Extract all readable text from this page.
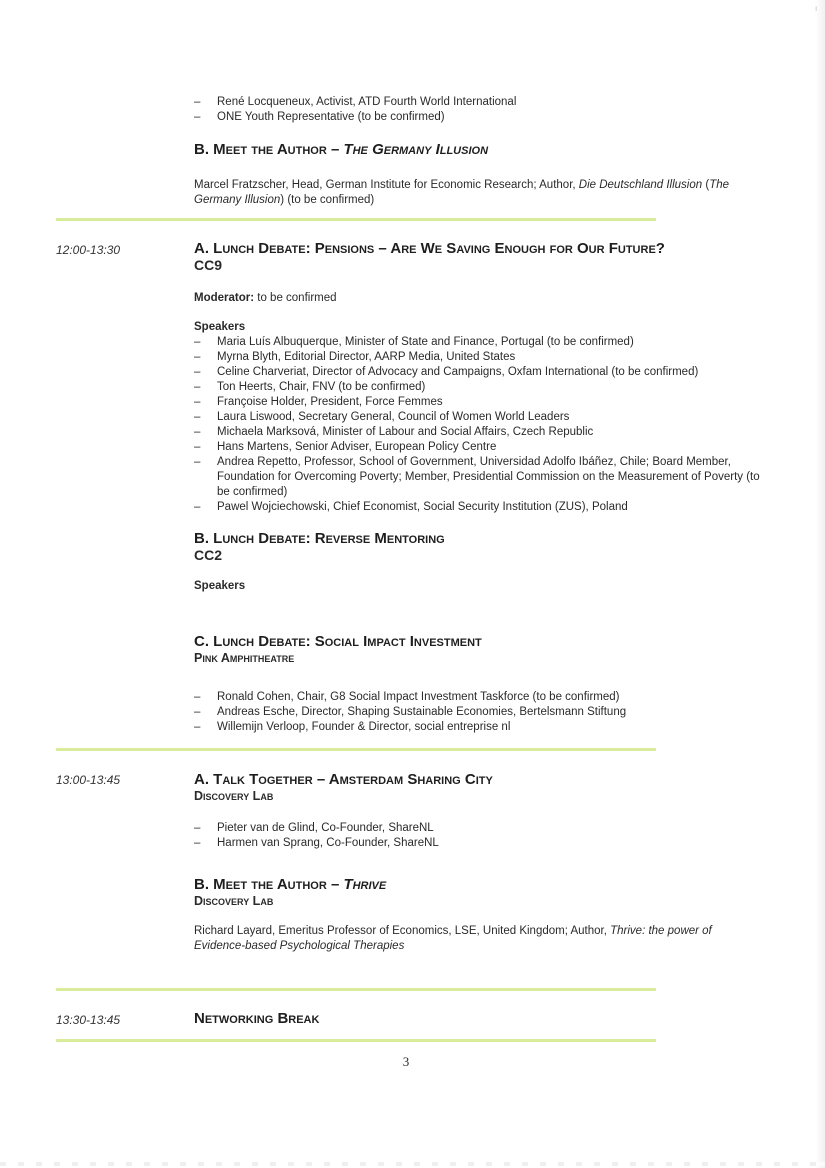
ı
– René Locqueneux, Activist, ATD Fourth World International
– ONE Youth Representative (to be confirmed)

B. Meet the Author – The Germany Illusion

Marcel Fratzscher, Head, German Institute for Economic Research; Author, Die Deutschland Illusion (The Germany Illusion) (to be confirmed)
12:00-13:30	A. Lunch Debate: Pensions – Are We Saving Enough for Our Future?

CC9

Moderator: to be confirmed
Speakers
– Maria Luís Albuquerque, Minister of State and Finance, Portugal (to be confirmed)
– Myrna Blyth, Editorial Director, AARP Media, United States
– Celine Charveriat, Director of Advocacy and Campaigns, Oxfam International (to be confirmed)
– Ton Heerts, Chair, FNV (to be confirmed)
– Françoise Holder, President, Force Femmes
– Laura Liswood, Secretary General, Council of Women World Leaders
– Michaela Marksová, Minister of Labour and Social Affairs, Czech Republic
– Hans Martens, Senior Adviser, European Policy Centre
– Andrea Repetto, Professor, School of Government, Universidad Adolfo Ibáñez, Chile; Board Member, Foundation for Overcoming Poverty; Member, Presidential Commission on the Measurement of Poverty (to be confirmed)
– Pawel Wojciechowski, Chief Economist, Social Security Institution (ZUS), Poland

B. Lunch Debate: Reverse Mentoring

CC2

Speakers

C. Lunch Debate: Social Impact Investment

Pink Amphitheatre

– Ronald Cohen, Chair, G8 Social Impact Investment Taskforce (to be confirmed)
– Andreas Esche, Director, Shaping Sustainable Economies, Bertelsmann Stiftung
– Willemijn Verloop, Founder & Director, social entreprise nl
13:00-13:45	A. Talk Together – Amsterdam Sharing City

Discovery Lab

– Pieter van de Glind, Co-Founder, ShareNL
– Harmen van Sprang, Co-Founder, ShareNL

B. Meet the Author – Thrive

Discovery Lab

Richard Layard, Emeritus Professor of Economics, LSE, United Kingdom; Author, Thrive: the power of Evidence-based Psychological Therapies
13:30-13:45	Networking Break

3
